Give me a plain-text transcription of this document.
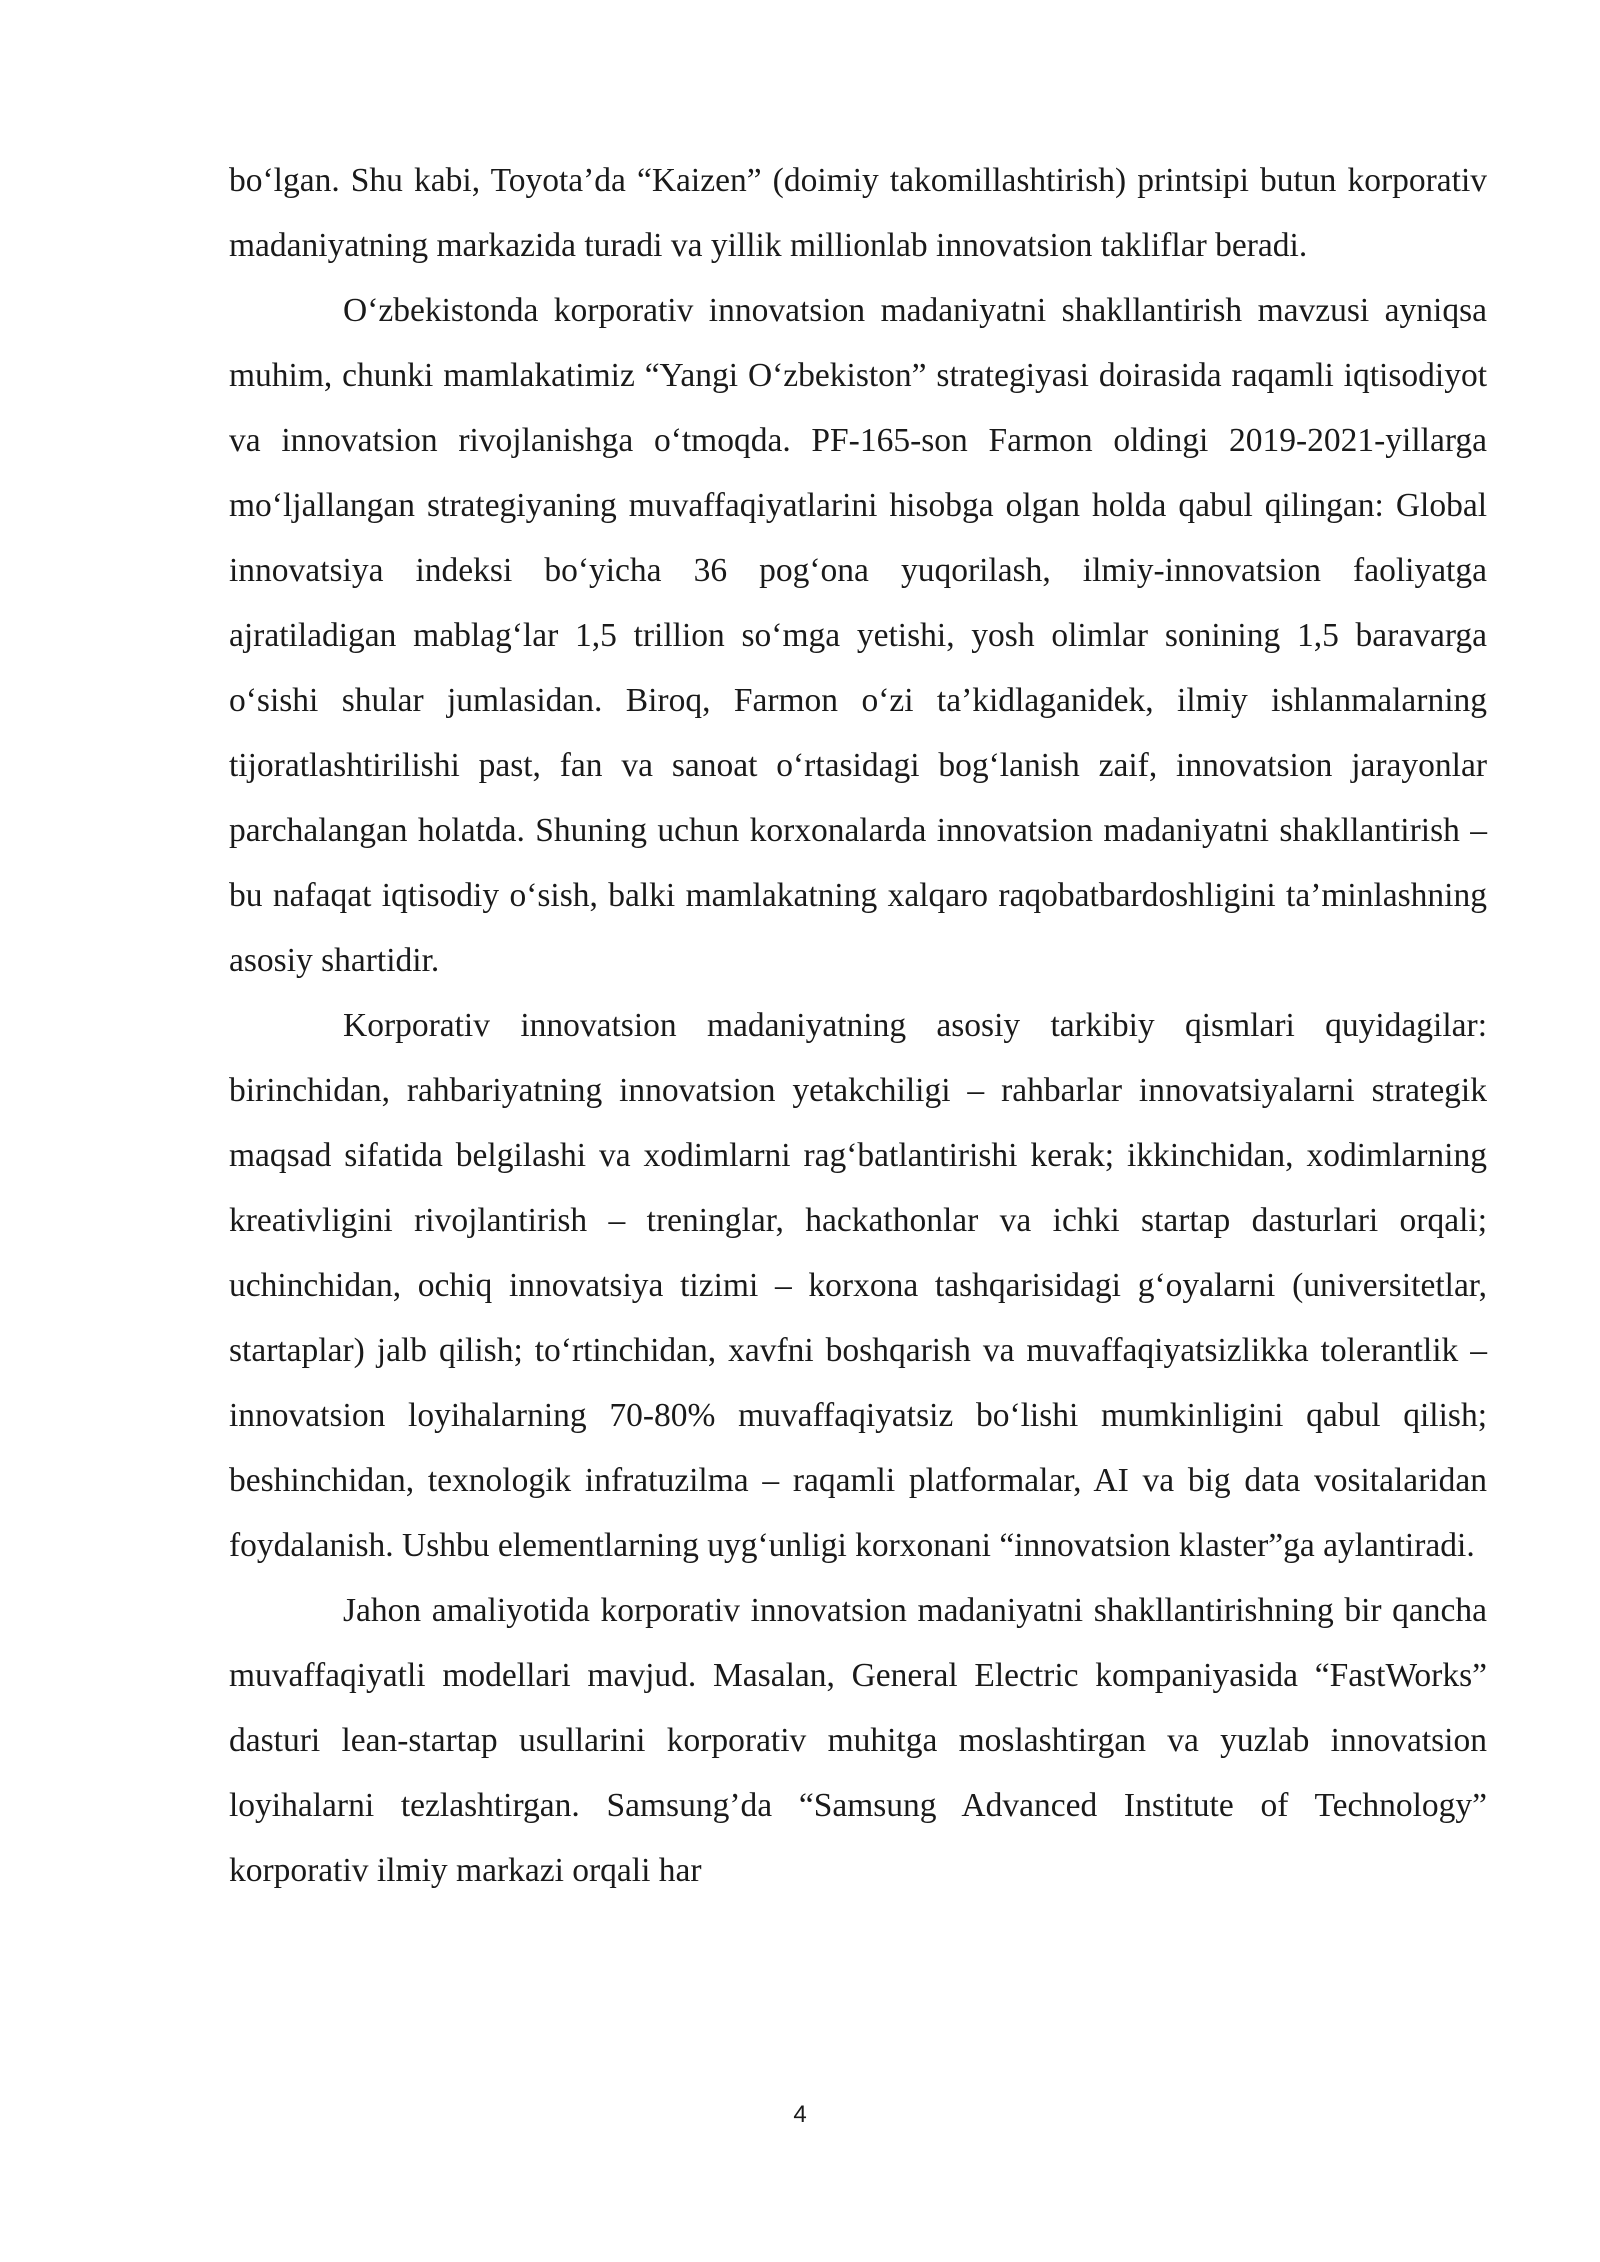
bo‘lgan. Shu kabi, Toyota’da “Kaizen” (doimiy takomillashtirish) printsipi butun korporativ madaniyatning markazida turadi va yillik millionlab innovatsion takliflar beradi.

O‘zbekistonda korporativ innovatsion madaniyatni shakllantirish mavzusi ayniqsa muhim, chunki mamlakatimiz “Yangi O‘zbekiston” strategiyasi doirasida raqamli iqtisodiyot va innovatsion rivojlanishga o‘tmoqda. PF-165-son Farmon oldingi 2019-2021-yillarga mo‘ljallangan strategiyaning muvaffaqiyatlarini hisobga olgan holda qabul qilingan: Global innovatsiya indeksi bo‘yicha 36 pog‘ona yuqorilash, ilmiy-innovatsion faoliyatga ajratiladigan mablag‘lar 1,5 trillion so‘mga yetishi, yosh olimlar sonining 1,5 baravarga o‘sishi shular jumlasidan. Biroq, Farmon o‘zi ta’kidlaganidek, ilmiy ishlanmalarning tijoratlashtirilishi past, fan va sanoat o‘rtasidagi bog‘lanish zaif, innovatsion jarayonlar parchalangan holatda. Shuning uchun korxonalarda innovatsion madaniyatni shakllantirish – bu nafaqat iqtisodiy o‘sish, balki mamlakatning xalqaro raqobatbardoshligini ta’minlashning asosiy shartidir.

Korporativ innovatsion madaniyatning asosiy tarkibiy qismlari quyidagilar: birinchidan, rahbariyatning innovatsion yetakchiligi – rahbarlar innovatsiyalarni strategik maqsad sifatida belgilashi va xodimlarni rag‘batlantirishi kerak; ikkinchidan, xodimlarning kreativligini rivojlantirish – treninglar, hackathonlar va ichki startap dasturlari orqali; uchinchidan, ochiq innovatsiya tizimi – korxona tashqarisidagi g‘oyalarni (universitetlar, startaplar) jalb qilish; to‘rtinchidan, xavfni boshqarish va muvaffaqiyatsizlikka tolerantlik – innovatsion loyihalarning 70-80% muvaffaqiyatsiz bo‘lishi mumkinligini qabul qilish; beshinchidan, texnologik infratuzilma – raqamli platformalar, AI va big data vositalaridan foydalanish. Ushbu elementlarning uyg‘unligi korxonani “innovatsion klaster”ga aylantiradi.

Jahon amaliyotida korporativ innovatsion madaniyatni shakllantirishning bir qancha muvaffaqiyatli modellari mavjud. Masalan, General Electric kompaniyasida “FastWorks” dasturi lean-startap usullarini korporativ muhitga moslashtirgan va yuzlab innovatsion loyihalarni tezlashtirgan. Samsung’da “Samsung Advanced Institute of Technology” korporativ ilmiy markazi orqali har

4
